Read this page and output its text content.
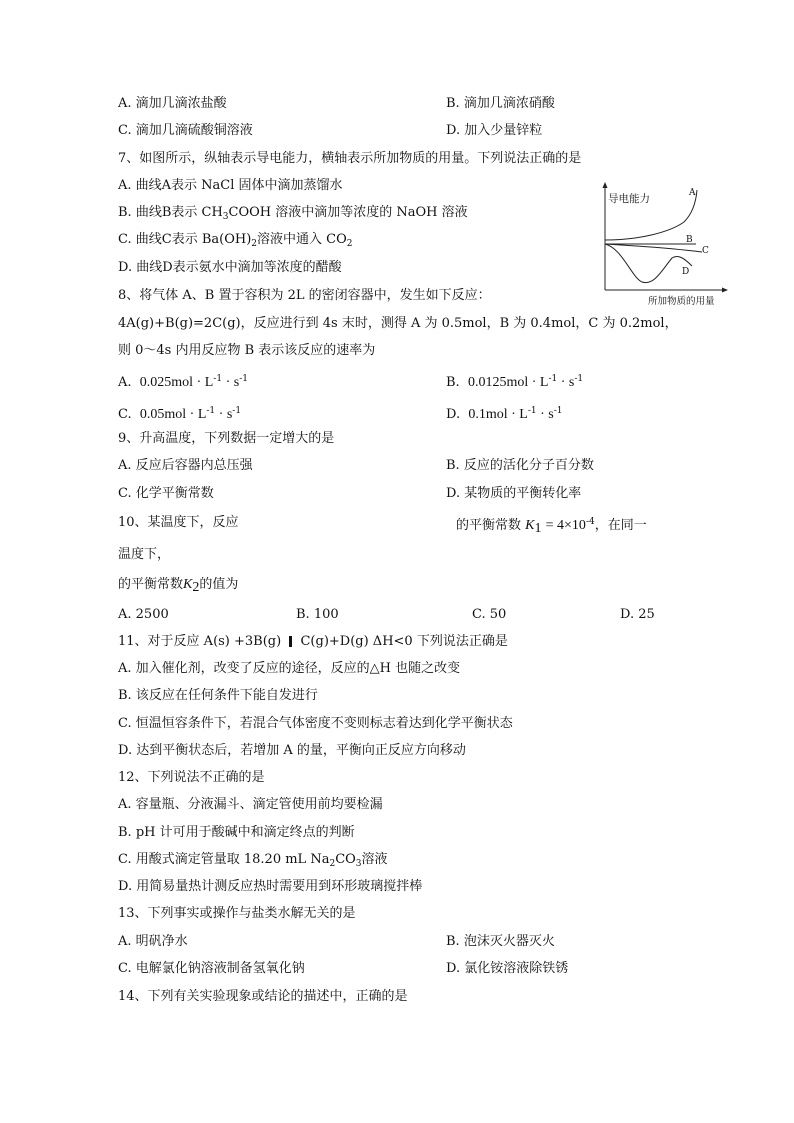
A. 滴加几滴浓盐酸	B. 滴加几滴浓硝酸
C. 滴加几滴硫酸铜溶液	D. 加入少量锌粒
7、如图所示，纵轴表示导电能力，横轴表示所加物质的用量。下列说法正确的是
A. 曲线A表示 NaCl 固体中滴加蒸馏水
B. 曲线B表示 $CH_3COOH$ 溶液中滴加等浓度的 NaOH 溶液
C. 曲线C表示 $Ba(OH)_2$溶液中通入 $CO_2$
D. 曲线D表示氨水中滴加等浓度的醋酸
导电能力
所加物质的用量
A
B
C
D
8、将气体 A、B 置于容积为 2L 的密闭容器中，发生如下反应：
4A(g)+B(g)=2C(g)，反应进行到 4s 末时，测得 A 为 0.5mol，B 为 0.4mol，C 为 0.2mol，
则 0～4s 内用反应物 B 表示该反应的速率为
A. $0.025mol \cdot L^{-1} \cdot s^{-1}$	B. $0.0125mol \cdot L^{-1} \cdot s^{-1}$
C. $0.05mol \cdot L^{-1} \cdot s^{-1}$	D. $0.1mol \cdot L^{-1} \cdot s^{-1}$
9、升高温度，下列数据一定增大的是
A. 反应后容器内总压强	B. 反应的活化分子百分数
C. 化学平衡常数	D. 某物质的平衡转化率
10、某温度下，反应	的平衡常数 $K_1 = 4\times 10^{-4}$，在同一
温度下，
的平衡常数$K_2$的值为
A. 2500	B. 100	C. 50	D. 25
11、对于反应 A(s) +3B(g) C(g)+D(g) ΔH<0 下列说法正确是
A. 加入催化剂，改变了反应的途径，反应的△H 也随之改变
B. 该反应在任何条件下能自发进行
C. 恒温恒容条件下，若混合气体密度不变则标志着达到化学平衡状态
D. 达到平衡状态后，若增加 A 的量，平衡向正反应方向移动
12、下列说法不正确的是
A. 容量瓶、分液漏斗、滴定管使用前均要检漏
B. pH 计可用于酸碱中和滴定终点的判断
C. 用酸式滴定管量取 18.20 mL $Na_2CO_3$溶液
D. 用简易量热计测反应热时需要用到环形玻璃搅拌棒
13、下列事实或操作与盐类水解无关的是
A. 明矾净水	B. 泡沫灭火器灭火
C. 电解氯化钠溶液制备氢氧化钠	D. 氯化铵溶液除铁锈
14、下列有关实验现象或结论的描述中，正确的是
